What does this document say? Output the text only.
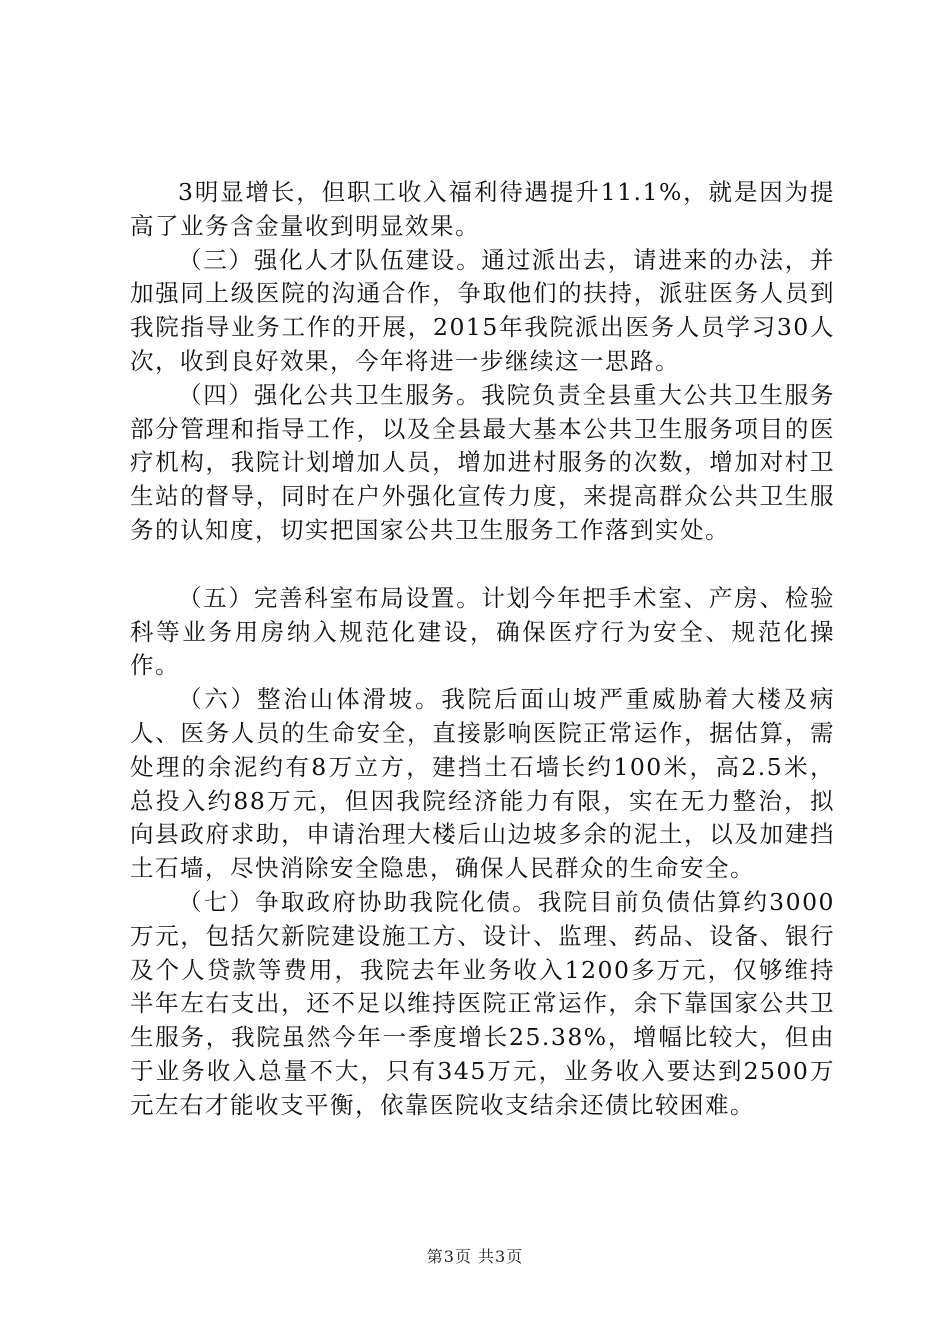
3明显增长，但职工收入福利待遇提升11.1%，就是因为提高了业务含金量收到明显效果。

（三）强化人才队伍建设。通过派出去，请进来的办法，并加强同上级医院的沟通合作，争取他们的扶持，派驻医务人员到我院指导业务工作的开展，2015年我院派出医务人员学习30人次，收到良好效果，今年将进一步继续这一思路。

（四）强化公共卫生服务。我院负责全县重大公共卫生服务部分管理和指导工作，以及全县最大基本公共卫生服务项目的医疗机构，我院计划增加人员，增加进村服务的次数，增加对村卫生站的督导，同时在户外强化宣传力度，来提高群众公共卫生服务的认知度，切实把国家公共卫生服务工作落到实处。

（五）完善科室布局设置。计划今年把手术室、产房、检验科等业务用房纳入规范化建设，确保医疗行为安全、规范化操作。

（六）整治山体滑坡。我院后面山坡严重威胁着大楼及病人、医务人员的生命安全，直接影响医院正常运作，据估算，需处理的余泥约有8万立方，建挡土石墙长约100米，高2.5米，总投入约88万元，但因我院经济能力有限，实在无力整治，拟向县政府求助，申请治理大楼后山边坡多余的泥土，以及加建挡土石墙，尽快消除安全隐患，确保人民群众的生命安全。

（七）争取政府协助我院化债。我院目前负债估算约3000万元，包括欠新院建设施工方、设计、监理、药品、设备、银行及个人贷款等费用，我院去年业务收入1200多万元，仅够维持半年左右支出，还不足以维持医院正常运作，余下靠国家公共卫生服务，我院虽然今年一季度增长25.38%，增幅比较大，但由于业务收入总量不大，只有345万元，业务收入要达到2500万元左右才能收支平衡，依靠医院收支结余还债比较困难。

第3页 共3页
